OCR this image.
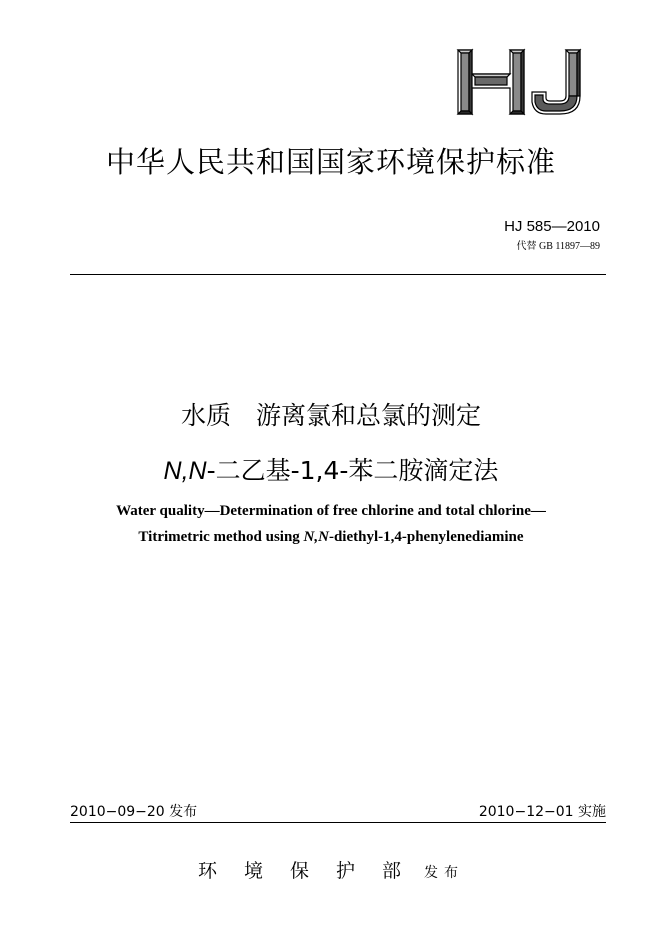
中华人民共和国国家环境保护标准
HJ 585—2010
代替 GB 11897—89
水质　游离氯和总氯的测定
N,N-二乙基-1,4-苯二胺滴定法
Water quality—Determination of free chlorine and total chlorine—
Titrimetric method using N,N-diethyl-1,4-phenylenediamine
2010−09−20 发布	2010−12−01 实施
环境保护部发布
